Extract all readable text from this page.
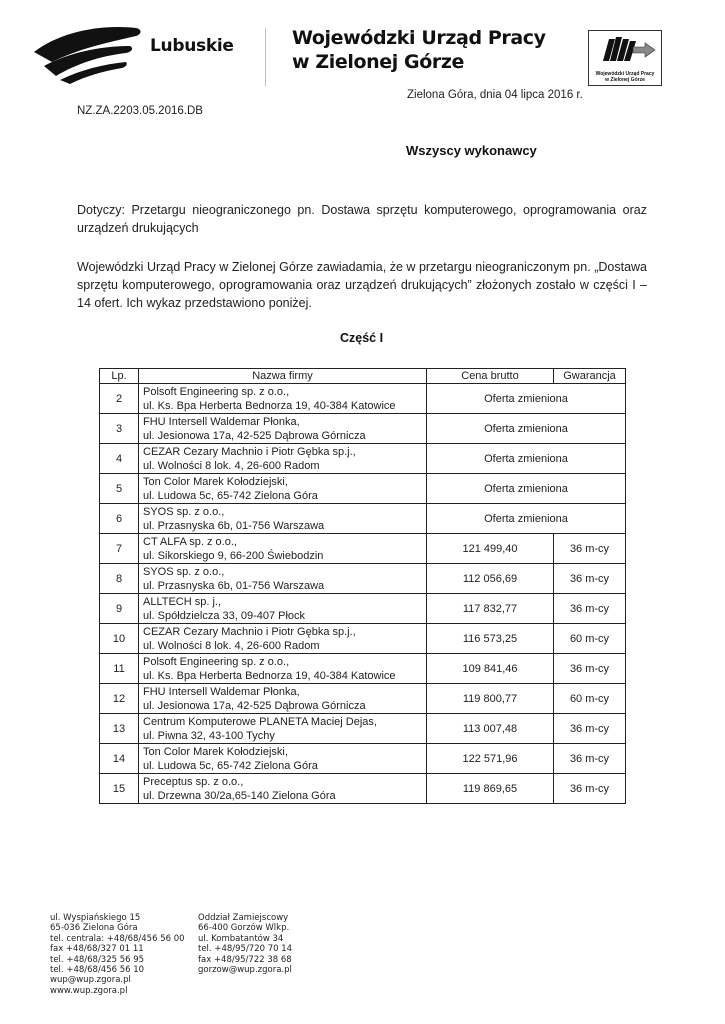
Lubuskie	Wojewódzki Urząd Pracy
w Zielonej Górze
Wojewódzki Urząd Pracy
w Zielonej Górze
Zielona Góra, dnia 04 lipca 2016 r.
NZ.ZA.2203.05.2016.DB
Wszyscy wykonawcy
Dotyczy: Przetargu nieograniczonego pn. Dostawa sprzętu komputerowego, oprogramowania oraz urządzeń drukujących
Wojewódzki Urząd Pracy w Zielonej Górze zawiadamia, że w przetargu nieograniczonym pn. „Dostawa sprzętu komputerowego, oprogramowania oraz urządzeń drukujących” złożonych zostało w części I – 14 ofert. Ich wykaz przedstawiono poniżej.
Część I
Lp.	Nazwa firmy	Cena brutto	Gwarancja
2	Polsoft Engineering sp. z o.o.,
ul. Ks. Bpa Herberta Bednorza 19, 40-384 Katowice	Oferta zmieniona	
3	FHU Intersell Waldemar Płonka,
ul. Jesionowa 17a, 42-525 Dąbrowa Górnicza	Oferta zmieniona	
4	CEZAR Cezary Machnio i Piotr Gębka sp.j.,
ul. Wolności 8 lok. 4, 26-600 Radom	Oferta zmieniona	
5	Ton Color Marek Kołodziejski,
ul. Ludowa 5c, 65-742 Zielona Góra	Oferta zmieniona	
6	SYOS sp. z o.o.,
ul. Przasnyska 6b, 01-756 Warszawa	Oferta zmieniona	
7	CT ALFA sp. z o.o.,
ul. Sikorskiego 9, 66-200 Świebodzin	121 499,40	36 m-cy
8	SYOS sp. z o.o.,
ul. Przasnyska 6b, 01-756 Warszawa	112 056,69	36 m-cy
9	ALLTECH sp. j.,
ul. Spółdzielcza 33, 09-407 Płock	117 832,77	36 m-cy
10	CEZAR Cezary Machnio i Piotr Gębka sp.j.,
ul. Wolności 8 lok. 4, 26-600 Radom	116 573,25	60 m-cy
11	Polsoft Engineering sp. z o.o.,
ul. Ks. Bpa Herberta Bednorza 19, 40-384 Katowice	109 841,46	36 m-cy
12	FHU Intersell Waldemar Płonka,
ul. Jesionowa 17a, 42-525 Dąbrowa Górnicza	119 800,77	60 m-cy
13	Centrum Komputerowe PLANETA Maciej Dejas,
ul. Piwna 32, 43-100 Tychy	113 007,48	36 m-cy
14	Ton Color Marek Kołodziejski,
ul. Ludowa 5c, 65-742 Zielona Góra	122 571,96	36 m-cy
15	Preceptus sp. z o.o.,
ul. Drzewna 30/2a,65-140 Zielona Góra	119 869,65	36 m-cy
ul. Wyspiańskiego 15
65-036 Zielona Góra
tel. centrala: +48/68/456 56 00
fax +48/68/327 01 11
tel. +48/68/325 56 95
tel. +48/68/456 56 10
wup@wup.zgora.pl
www.wup.zgora.pl
Oddział Zamiejscowy
66-400 Gorzów Wlkp.
ul. Kombatantów 34
tel. +48/95/720 70 14
fax +48/95/722 38 68
gorzow@wup.zgora.pl
